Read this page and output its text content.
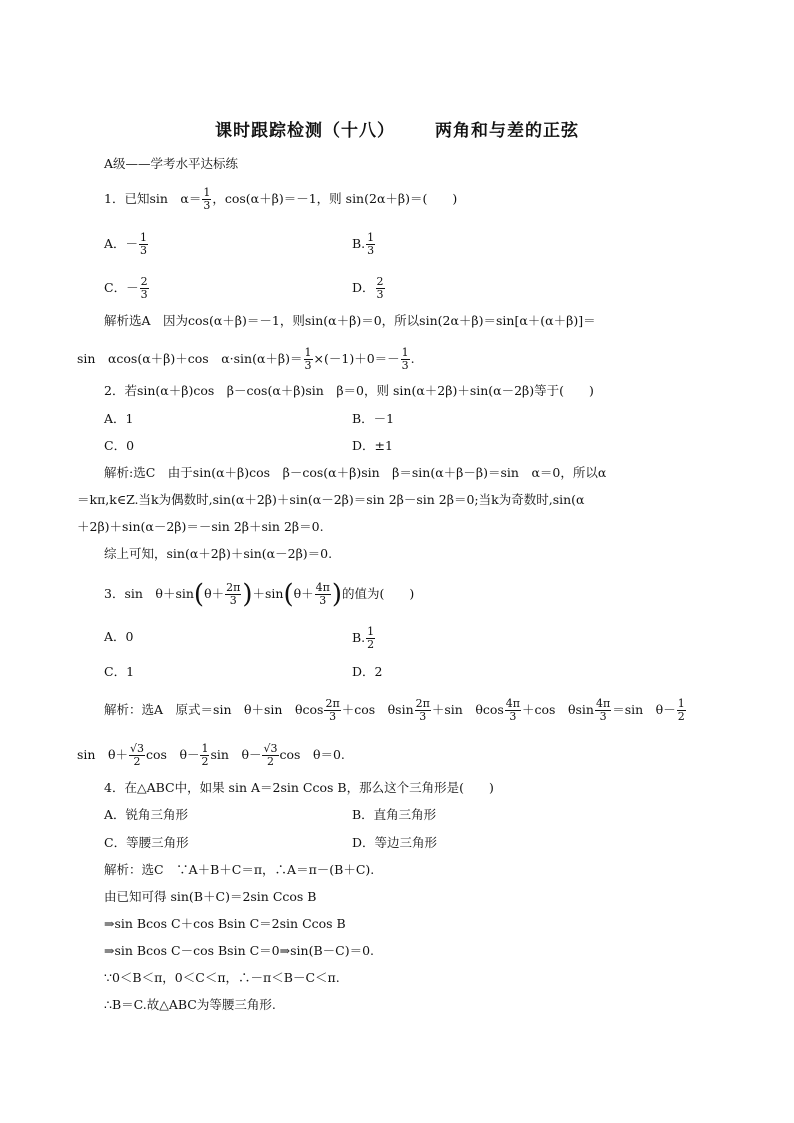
课时跟踪检测（十八） 两角和与差的正弦
A级——学考水平达标练
1．已知sin　$\alpha= \frac{1}{3}$ ，cos(α＋β)＝－1，则 sin(2α＋β)＝(　　)
A．－ $\frac{1}{3}$	B. $\frac{1}{3}$
C．－ $\frac{2}{3}$	D． $\frac{2}{3}$
解析选A　因为cos(α＋β)＝－1，则sin(α＋β)＝0，所以sin(2α＋β)＝sin[α＋(α＋β)]＝
sin　αcos(α＋β)＋cos　$\alpha\cdot\sin(\alpha+\beta)= \frac{1}{3} \times(-1)+0=- \frac{1}{3}$ .
2．若sin(α＋β)cos　β－cos(α＋β)sin　β＝0，则 sin(α＋2β)＋sin(α－2β)等于(　　)
A．1	B．－1
C．0	D．±1
解析:选C　由于sin(α＋β)cos　β－cos(α＋β)sin　β＝sin(α＋β－β)＝sin　α＝0，所以α
＝kπ,k∈Z.当k为偶数时,sin(α＋2β)＋sin(α－2β)＝sin 2β－sin 2β＝0;当k为奇数时,sin(α
＋2β)＋sin(α－2β)＝－sin 2β＋sin 2β＝0.
综上可知，sin(α＋2β)＋sin(α－2β)＝0.
3．sin　$\theta+\sin(\theta+ \frac{2\pi}{3} )+\sin(\theta+ \frac{4\pi}{3}$ )的值为(　　)
A．0	B. $\frac{1}{2}$
C．1	D．2
解析：选A　原式＝sin　θ＋sin　θcos $\frac{2\pi}{3} +\cos$　θsin $\frac{2\pi}{3} +\sin$　θcos $\frac{4\pi}{3} +\cos$　θsin $\frac{4\pi}{3} =\sin$　$\theta- \frac{1}{2}$
sin　$\theta+ \frac{√3}{2}$ cos　$\theta- \frac{1}{2}$ sin　$\theta- \frac{√3}{2}$ cos　θ＝0.
4．在△ABC中，如果 sin A＝2sin Ccos B，那么这个三角形是(　　)
A．锐角三角形	B．直角三角形
C．等腰三角形	D．等边三角形
解析：选C　∵A＋B＋C＝π，∴A＝π－(B＋C).
由已知可得 sin(B＋C)＝2sin Ccos B
⇒sin Bcos C＋cos Bsin C＝2sin Ccos B
⇒sin Bcos C－cos Bsin C＝0⇒sin(B－C)＝0.
∵0＜B＜π，0＜C＜π，∴－π＜B－C＜π.
∴B＝C.故△ABC为等腰三角形.
